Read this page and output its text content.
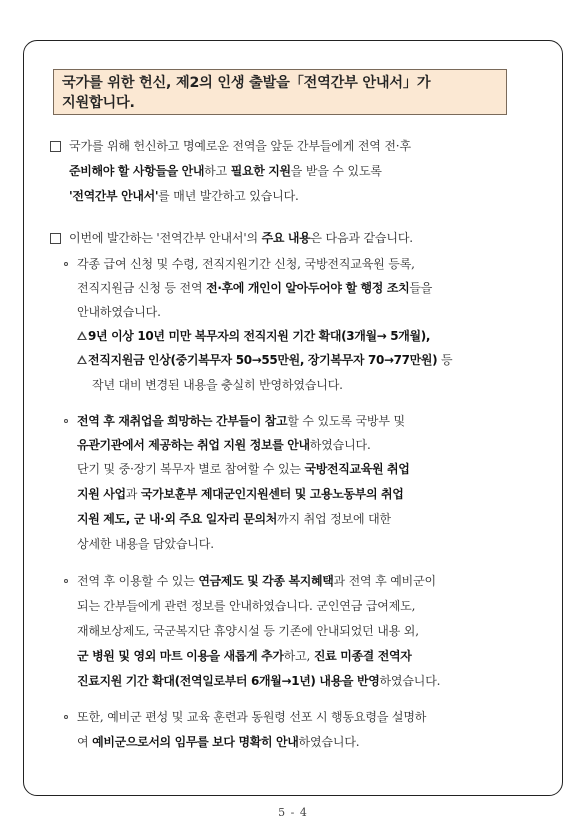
국가를 위한 헌신, 제2의 인생 출발을「전역간부 안내서」가
지원합니다.
국가를 위해 헌신하고 명예로운 전역을 앞둔 간부들에게 전역 전·후
준비해야 할 사항들을 안내하고 필요한 지원을 받을 수 있도록
'전역간부 안내서'를 매년 발간하고 있습니다.
이번에 발간하는 '전역간부 안내서'의 주요 내용은 다음과 같습니다.
각종 급여 신청 및 수령, 전직지원기간 신청, 국방전직교육원 등록,
전직지원금 신청 등 전역 전·후에 개인이 알아두어야 할 행정 조치들을
안내하였습니다.
9년 이상 10년 미만 복무자의 전직지원 기간 확대(3개월→ 5개월),
전직지원금 인상(중기복무자 50→55만원, 장기복무자 70→77만원) 등
작년 대비 변경된 내용을 충실히 반영하였습니다.
전역 후 재취업을 희망하는 간부들이 참고할 수 있도록 국방부 및
유관기관에서 제공하는 취업 지원 정보를 안내하였습니다.
단기 및 중·장기 복무자 별로 참여할 수 있는 국방전직교육원 취업
지원 사업과 국가보훈부 제대군인지원센터 및 고용노동부의 취업
지원 제도, 군 내·외 주요 일자리 문의처까지 취업 정보에 대한
상세한 내용을 담았습니다.
전역 후 이용할 수 있는 연금제도 및 각종 복지혜택과 전역 후 예비군이
되는 간부들에게 관련 정보를 안내하였습니다. 군인연금 급여제도,
재해보상제도, 국군복지단 휴양시설 등 기존에 안내되었던 내용 외,
군 병원 및 영외 마트 이용을 새롭게 추가하고, 진료 미종결 전역자
진료지원 기간 확대(전역일로부터 6개월→1년) 내용을 반영하였습니다.
또한, 예비군 편성 및 교육 훈련과 동원령 선포 시 행동요령을 설명하
여 예비군으로서의 임무를 보다 명확히 안내하였습니다.
5 - 4
